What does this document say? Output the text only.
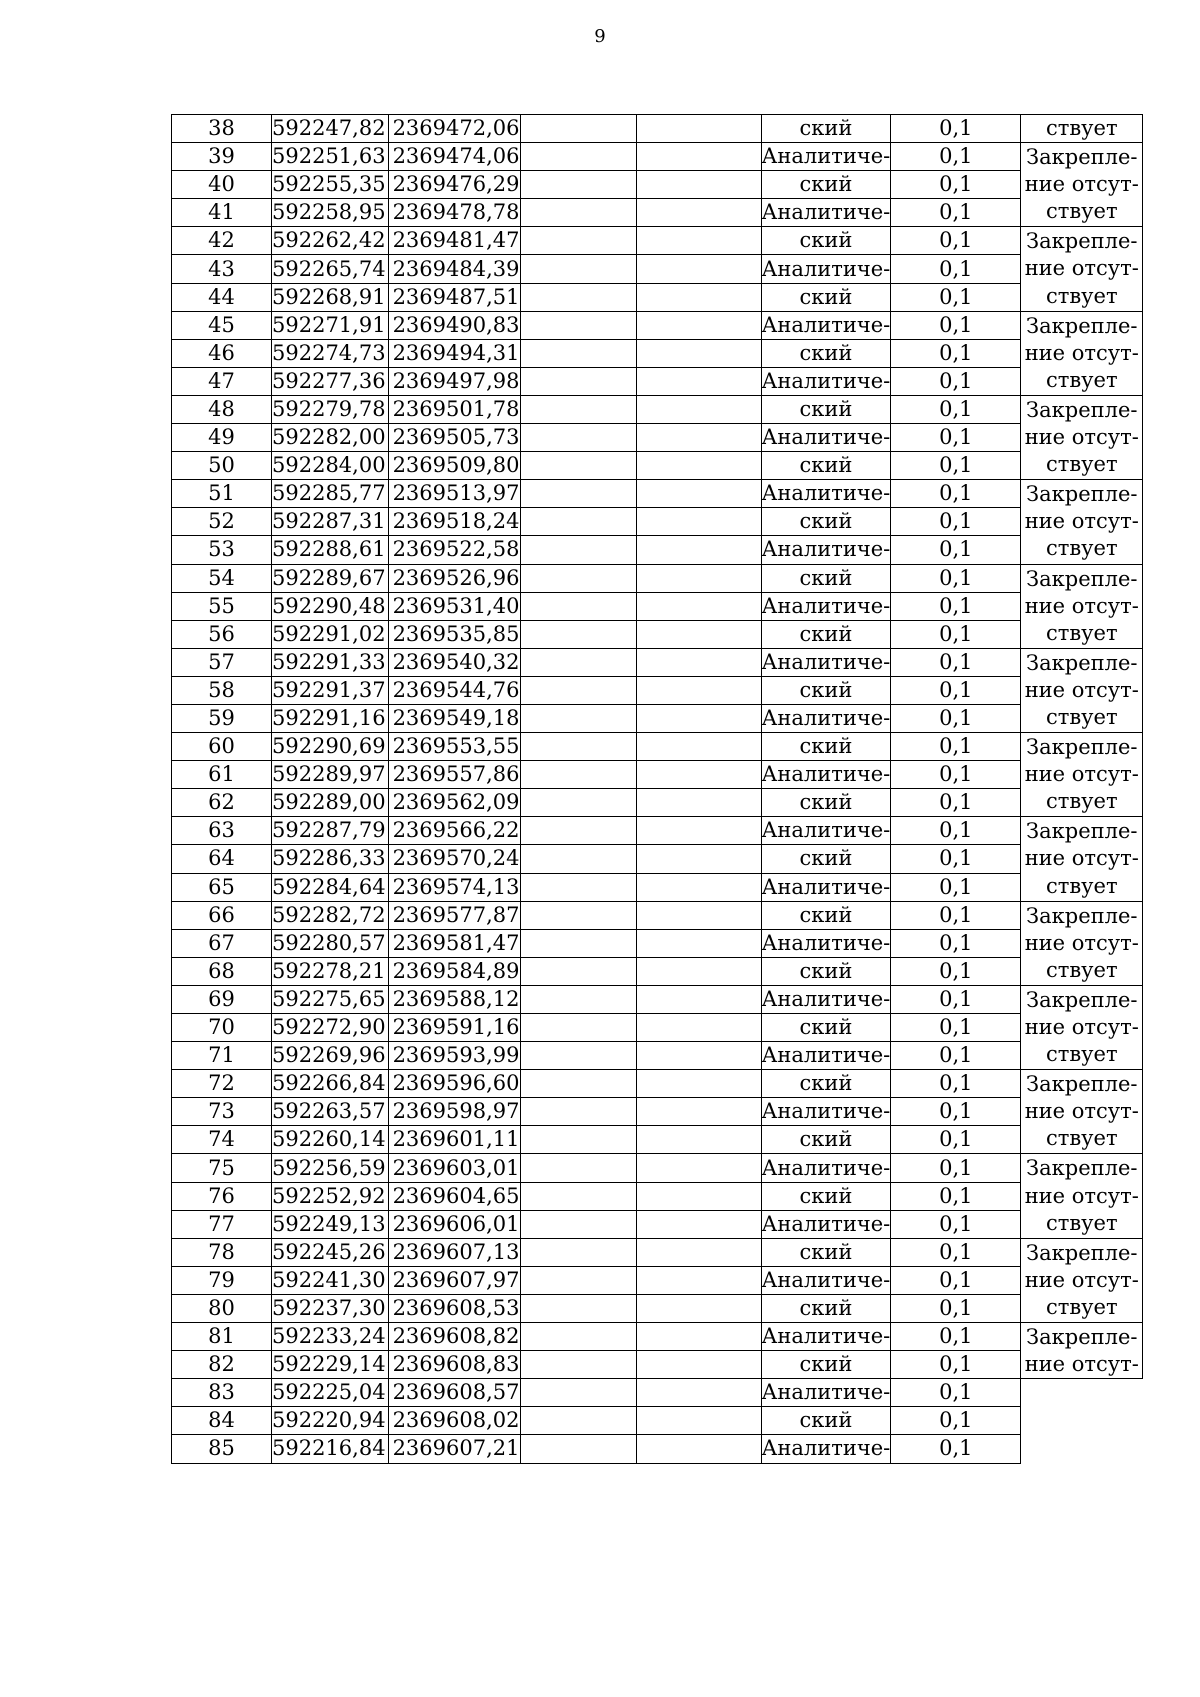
9
38	592247,82	2369472,06			ский	0,1	ствует

39	592251,63	2369474,06			Аналитиче-	0,1	Закрепле-
ние отсут-
ствует

40	592255,35	2369476,29			ский	0,1	
41	592258,95	2369478,78			Аналитиче-	0,1	
42	592262,42	2369481,47			ский	0,1	Закрепле-
ние отсут-
ствует

43	592265,74	2369484,39			Аналитиче-	0,1	
44	592268,91	2369487,51			ский	0,1	
45	592271,91	2369490,83			Аналитиче-	0,1	Закрепле-
ние отсут-
ствует

46	592274,73	2369494,31			ский	0,1	
47	592277,36	2369497,98			Аналитиче-	0,1	
48	592279,78	2369501,78			ский	0,1	Закрепле-
ние отсут-
ствует

49	592282,00	2369505,73			Аналитиче-	0,1	
50	592284,00	2369509,80			ский	0,1	
51	592285,77	2369513,97			Аналитиче-	0,1	Закрепле-
ние отсут-
ствует

52	592287,31	2369518,24			ский	0,1	
53	592288,61	2369522,58			Аналитиче-	0,1	
54	592289,67	2369526,96			ский	0,1	Закрепле-
ние отсут-
ствует

55	592290,48	2369531,40			Аналитиче-	0,1	
56	592291,02	2369535,85			ский	0,1	
57	592291,33	2369540,32			Аналитиче-	0,1	Закрепле-
ние отсут-
ствует

58	592291,37	2369544,76			ский	0,1	
59	592291,16	2369549,18			Аналитиче-	0,1	
60	592290,69	2369553,55			ский	0,1	Закрепле-
ние отсут-
ствует

61	592289,97	2369557,86			Аналитиче-	0,1	
62	592289,00	2369562,09			ский	0,1	
63	592287,79	2369566,22			Аналитиче-	0,1	Закрепле-
ние отсут-
ствует

64	592286,33	2369570,24			ский	0,1	
65	592284,64	2369574,13			Аналитиче-	0,1	
66	592282,72	2369577,87			ский	0,1	Закрепле-
ние отсут-
ствует

67	592280,57	2369581,47			Аналитиче-	0,1	
68	592278,21	2369584,89			ский	0,1	
69	592275,65	2369588,12			Аналитиче-	0,1	Закрепле-
ние отсут-
ствует

70	592272,90	2369591,16			ский	0,1	
71	592269,96	2369593,99			Аналитиче-	0,1	
72	592266,84	2369596,60			ский	0,1	Закрепле-
ние отсут-
ствует

73	592263,57	2369598,97			Аналитиче-	0,1	
74	592260,14	2369601,11			ский	0,1	
75	592256,59	2369603,01			Аналитиче-	0,1	Закрепле-
ние отсут-
ствует

76	592252,92	2369604,65			ский	0,1	
77	592249,13	2369606,01			Аналитиче-	0,1	
78	592245,26	2369607,13			ский	0,1	Закрепле-
ние отсут-
ствует

79	592241,30	2369607,97			Аналитиче-	0,1	
80	592237,30	2369608,53			ский	0,1	
81	592233,24	2369608,82			Аналитиче-	0,1	Закрепле-
ние отсут-

82	592229,14	2369608,83			ский	0,1	
83	592225,04	2369608,57			Аналитиче-	0,1	
84	592220,94	2369608,02			ский	0,1	
85	592216,84	2369607,21			Аналитиче-	0,1	
